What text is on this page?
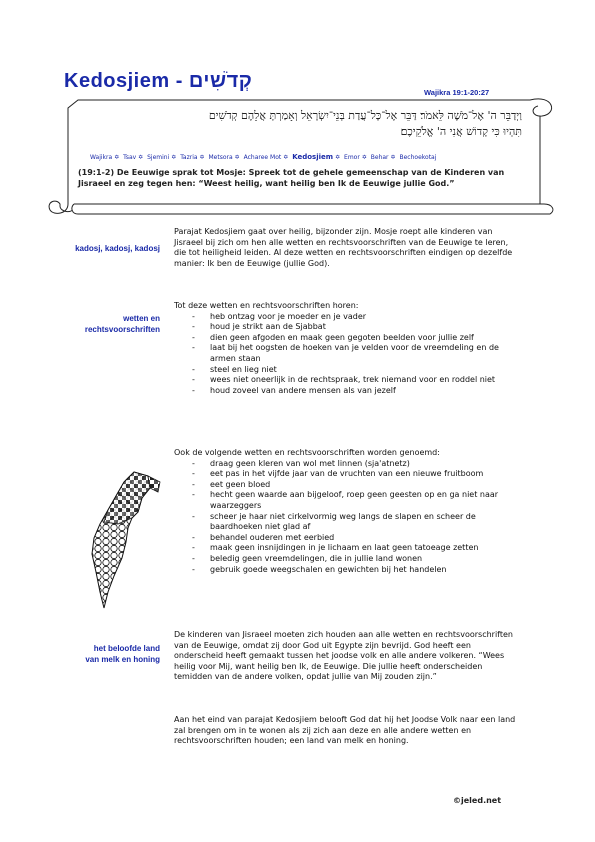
Kedosjiem - קְדֹשִׁים
Wajikra 19:1-20:27
וַיְדַבֵּר ה' אֶל־מֹשֶׁה לֵּאמֹר׃ דַּבֵּר אֶל־כָּל־עֲדַת בְּנֵי־יִשְׂרָאֵל וְאָמַרְתָּ אֲלֵהֶם קְדֹשִׁים
תִּהְיוּ כִּי קָדוֹשׁ אֲנִי ה' אֱלֹקֵיכֶם׃
Wajikra ✡ Tsav ✡ Sjemini ✡ Tazria ✡ Metsora ✡ Acharee Mot ✡ Kedosjiem ✡ Emor ✡ Behar ✡ Bechoekotaj
(19:1-2) De Eeuwige sprak tot Mosje: Spreek tot de gehele gemeenschap van de Kinderen van Jisraeel en zeg tegen hen: “Weest heilig, want heilig ben Ik de Eeuwige jullie God.”
kadosj, kadosj, kadosj
wetten en
rechtsvoorschriften
het beloofde land
van melk en honing
Parajat Kedosjiem gaat over heilig, bijzonder zijn. Mosje roept alle kinderen van Jisraeel bij zich om hen alle wetten en rechtsvoorschriften van de Eeuwige te leren, die tot heiligheid leiden. Al deze wetten en rechtsvoorschriften eindigen op dezelfde manier: Ik ben de Eeuwige (jullie God).
Tot deze wetten en rechtsvoorschriften horen:
- heb ontzag voor je moeder en je vader
- houd je strikt aan de Sjabbat
- dien geen afgoden en maak geen gegoten beelden voor jullie zelf
- laat bij het oogsten de hoeken van je velden voor de vreemdeling en de armen staan
- steel en lieg niet
- wees niet oneerlijk in de rechtspraak, trek niemand voor en roddel niet
- houd zoveel van andere mensen als van jezelf
Ook de volgende wetten en rechtsvoorschriften worden genoemd:
- draag geen kleren van wol met linnen (sja'atnetz)
- eet pas in het vijfde jaar van de vruchten van een nieuwe fruitboom
- eet geen bloed
- hecht geen waarde aan bijgeloof, roep geen geesten op en ga niet naar waarzeggers
- scheer je haar niet cirkelvormig weg langs de slapen en scheer de baardhoeken niet glad af
- behandel ouderen met eerbied
- maak geen insnijdingen in je lichaam en laat geen tatoeage zetten
- beledig geen vreemdelingen, die in jullie land wonen
- gebruik goede weegschalen en gewichten bij het handelen
De kinderen van Jisraeel moeten zich houden aan alle wetten en rechtsvoorschriften van de Eeuwige, omdat zij door God uit Egypte zijn bevrijd. God heeft een onderscheid heeft gemaakt tussen het joodse volk en alle andere volkeren. “Wees heilig voor Mij, want heilig ben Ik, de Eeuwige. Die jullie heeft onderscheiden temidden van de andere volken, opdat jullie van Mij zouden zijn.”
Aan het eind van parajat Kedosjiem belooft God dat hij het Joodse Volk naar een land zal brengen om in te wonen als zij zich aan deze en alle andere wetten en rechtsvoorschriften houden; een land van melk en honing.
©jeled.net
